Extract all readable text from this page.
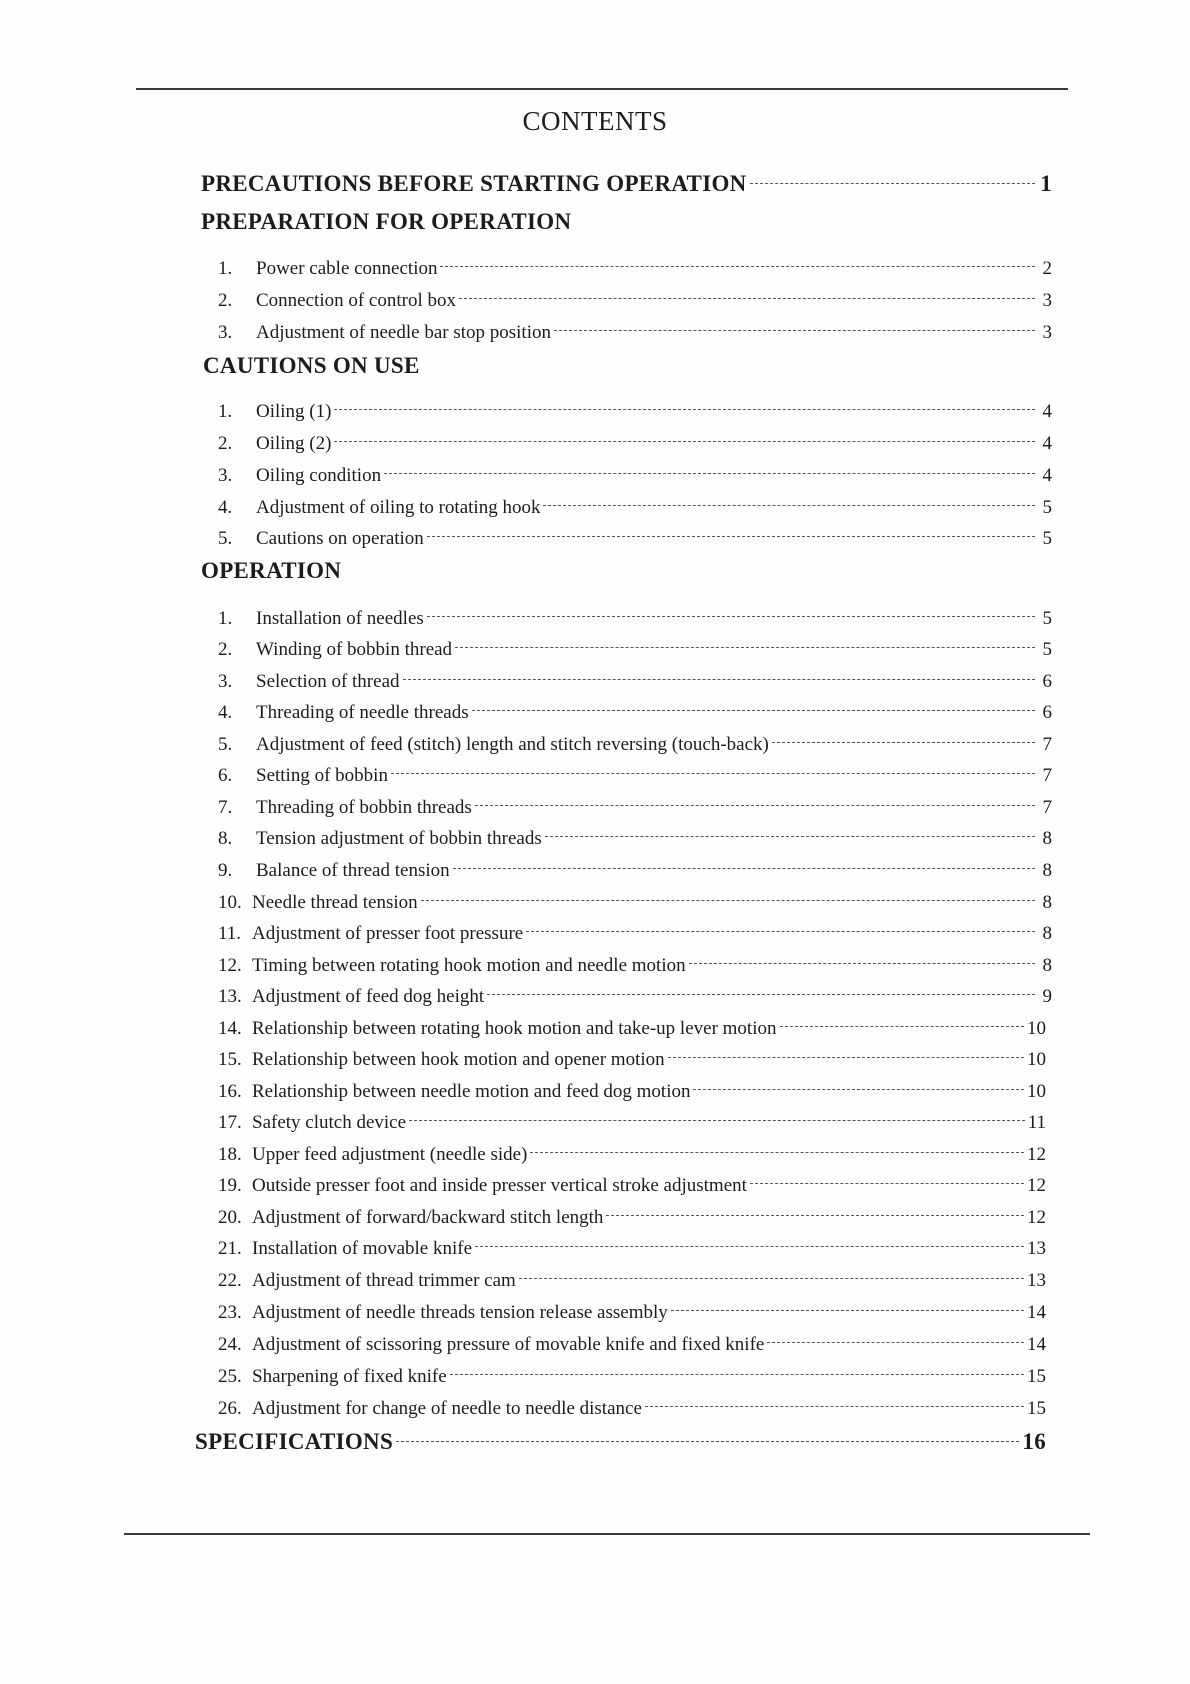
CONTENTS
PRECAUTIONS BEFORE STARTING OPERATION	1
PREPARATION FOR OPERATION
1.	Power cable connection	2
2.	Connection of control box	3
3.	Adjustment of needle bar stop position	3
CAUTIONS ON USE
1.	Oiling (1)	4
2.	Oiling (2)	4
3.	Oiling condition	4
4.	Adjustment of oiling to rotating hook	5
5.	Cautions on operation	5
OPERATION
1.	Installation of needles	5
2.	Winding of bobbin thread	5
3.	Selection of thread	6
4.	Threading of needle threads	6
5.	Adjustment of feed (stitch) length and stitch reversing (touch-back)	7
6.	Setting of bobbin	7
7.	Threading of bobbin threads	7
8.	Tension adjustment of bobbin threads	8
9.	Balance of thread tension	8
10. Needle thread tension	8
11. Adjustment of presser foot pressure	8
12. Timing between rotating hook motion and needle motion	8
13. Adjustment of feed dog height	9
14. Relationship between rotating hook motion and take-up lever motion	10
15. Relationship between hook motion and opener motion	10
16. Relationship between needle motion and feed dog motion	10
17. Safety clutch device	11
18. Upper feed adjustment (needle side)	12
19. Outside presser foot and inside presser vertical stroke adjustment	12
20. Adjustment of forward/backward stitch length	12
21. Installation of movable knife	13
22. Adjustment of thread trimmer cam	13
23. Adjustment of needle threads tension release assembly	14
24. Adjustment of scissoring pressure of movable knife and fixed knife	14
25. Sharpening of fixed knife	15
26. Adjustment for change of needle to needle distance	15
SPECIFICATIONS	16
